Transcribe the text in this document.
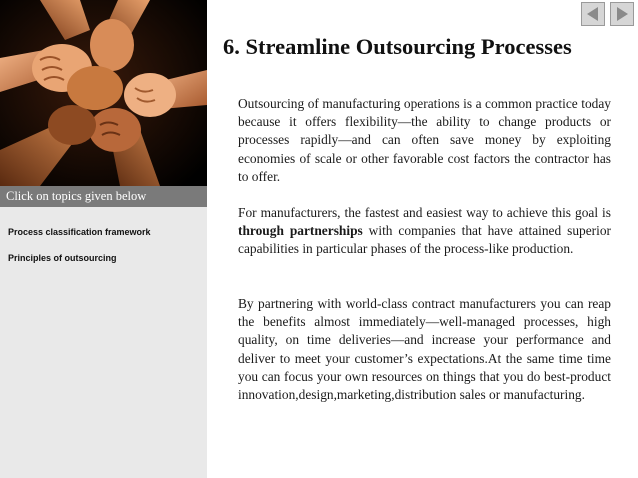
Click on topics given below
Process classification framework
Principles of outsourcing
6. Streamline Outsourcing Processes

Outsourcing of manufacturing operations is a common practice today because it offers flexibility—the ability to change products or processes rapidly—and can often save money by exploiting economies of scale or other favorable cost factors the contractor has to offer.

For manufacturers, the fastest and easiest way to achieve this goal is through partnerships with companies that have attained superior capabilities in particular phases of the process-like production.

By partnering with world-class contract manufacturers you can reap the benefits almost immediately—well-managed processes, high quality, on time deliveries—and increase your performance and deliver to meet your customer’s expectations.At the same time time you can focus your own resources on things that you do best-product innovation,design,marketing,distribution sales or manufacturing.
